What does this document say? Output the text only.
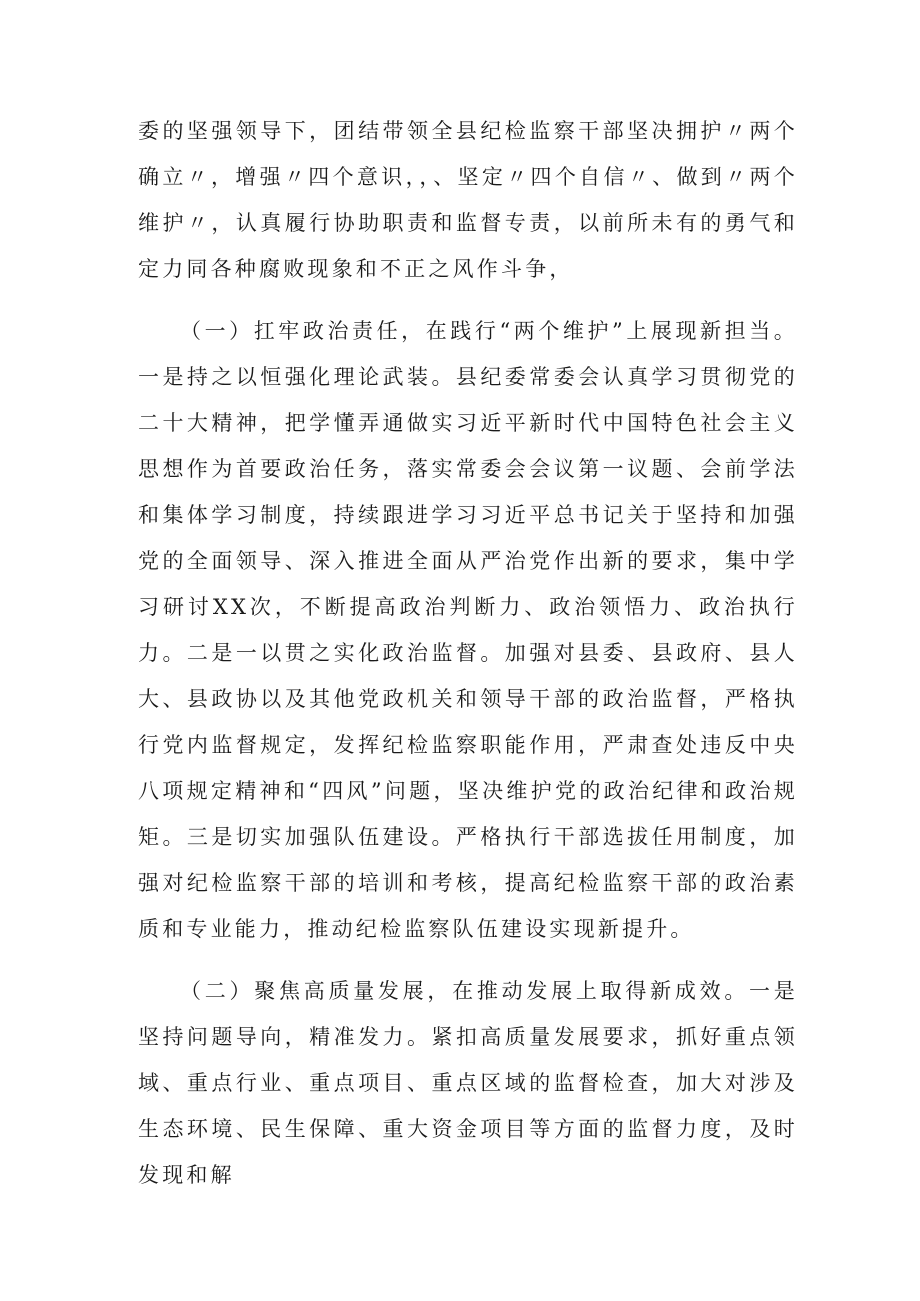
委的坚强领导下，团结带领全县纪检监察干部坚决拥护〃两个确立〃，增强〃四个意识，，、坚定〃四个自信〃、做到〃两个维护〃，认真履行协助职责和监督专责，以前所未有的勇气和定力同各种腐败现象和不正之风作斗争，

（一）扛牢政治责任，在践行“两个维护”上展现新担当。一是持之以恒强化理论武装。县纪委常委会认真学习贯彻党的二十大精神，把学懂弄通做实习近平新时代中国特色社会主义思想作为首要政治任务，落实常委会会议第一议题、会前学法和集体学习制度，持续跟进学习习近平总书记关于坚持和加强党的全面领导、深入推进全面从严治党作出新的要求，集中学习研讨XX次，不断提高政治判断力、政治领悟力、政治执行力。二是一以贯之实化政治监督。加强对县委、县政府、县人大、县政协以及其他党政机关和领导干部的政治监督，严格执行党内监督规定，发挥纪检监察职能作用，严肃查处违反中央八项规定精神和“四风”问题，坚决维护党的政治纪律和政治规矩。三是切实加强队伍建设。严格执行干部选拔任用制度，加强对纪检监察干部的培训和考核，提高纪检监察干部的政治素质和专业能力，推动纪检监察队伍建设实现新提升。

（二）聚焦高质量发展，在推动发展上取得新成效。一是坚持问题导向，精准发力。紧扣高质量发展要求，抓好重点领域、重点行业、重点项目、重点区域的监督检查，加大对涉及生态环境、民生保障、重大资金项目等方面的监督力度，及时发现和解
